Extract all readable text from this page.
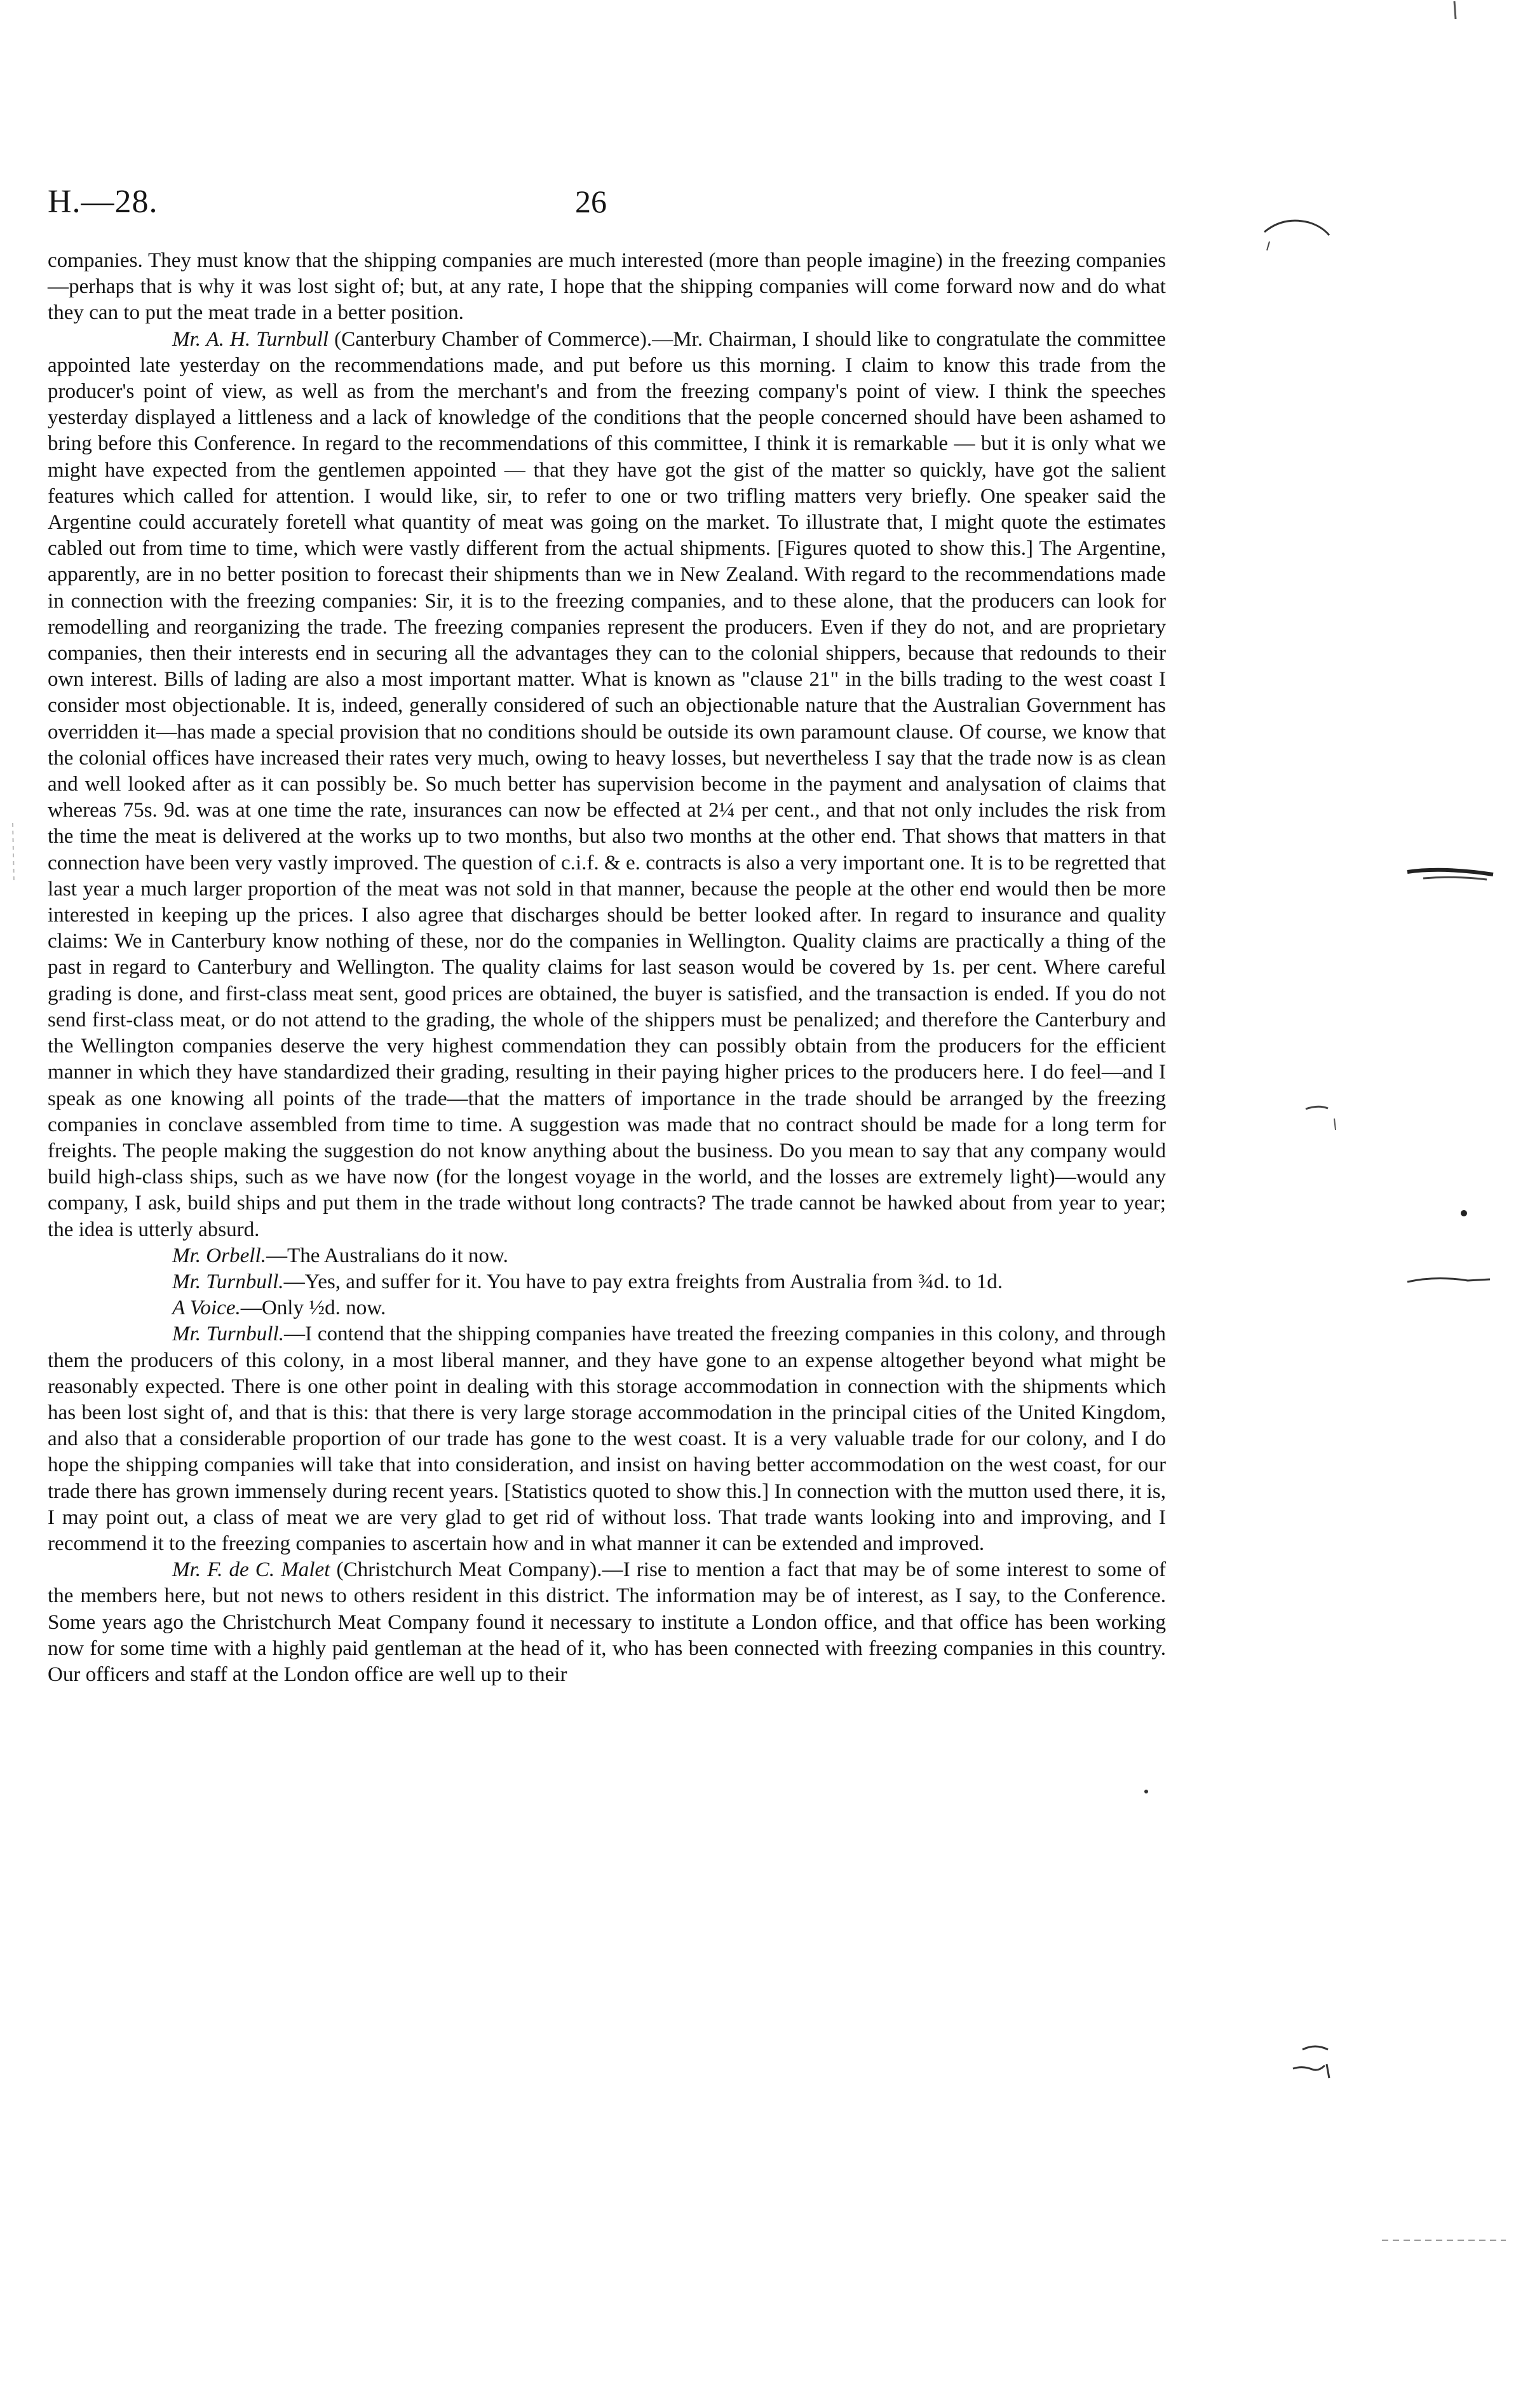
H.—28.	26

companies. They must know that the shipping companies are much interested (more than people imagine) in the freezing companies—perhaps that is why it was lost sight of; but, at any rate, I hope that the shipping companies will come forward now and do what they can to put the meat trade in a better position.

Mr. A. H. Turnbull (Canterbury Chamber of Commerce).—Mr. Chairman, I should like to congratulate the committee appointed late yesterday on the recommendations made, and put before us this morning. I claim to know this trade from the producer's point of view, as well as from the merchant's and from the freezing company's point of view. I think the speeches yesterday displayed a littleness and a lack of knowledge of the conditions that the people concerned should have been ashamed to bring before this Conference. In regard to the recommendations of this committee, I think it is remarkable — but it is only what we might have expected from the gentlemen appointed — that they have got the gist of the matter so quickly, have got the salient features which called for attention. I would like, sir, to refer to one or two trifling matters very briefly. One speaker said the Argentine could accurately foretell what quantity of meat was going on the market. To illustrate that, I might quote the estimates cabled out from time to time, which were vastly different from the actual shipments. [Figures quoted to show this.] The Argentine, apparently, are in no better position to forecast their shipments than we in New Zealand. With regard to the recommendations made in connection with the freezing companies: Sir, it is to the freezing companies, and to these alone, that the producers can look for remodelling and reorganizing the trade. The freezing companies represent the producers. Even if they do not, and are proprietary companies, then their interests end in securing all the advantages they can to the colonial shippers, because that redounds to their own interest. Bills of lading are also a most important matter. What is known as "clause 21" in the bills trading to the west coast I consider most objectionable. It is, indeed, generally considered of such an objectionable nature that the Australian Government has overridden it—has made a special provision that no conditions should be outside its own paramount clause. Of course, we know that the colonial offices have increased their rates very much, owing to heavy losses, but nevertheless I say that the trade now is as clean and well looked after as it can possibly be. So much better has supervision become in the payment and analysation of claims that whereas 75s. 9d. was at one time the rate, insurances can now be effected at 2¼ per cent., and that not only includes the risk from the time the meat is delivered at the works up to two months, but also two months at the other end. That shows that matters in that connection have been very vastly improved. The question of c.i.f. & e. contracts is also a very important one. It is to be regretted that last year a much larger proportion of the meat was not sold in that manner, because the people at the other end would then be more interested in keeping up the prices. I also agree that discharges should be better looked after. In regard to insurance and quality claims: We in Canterbury know nothing of these, nor do the companies in Wellington. Quality claims are practically a thing of the past in regard to Canterbury and Wellington. The quality claims for last season would be covered by 1s. per cent. Where careful grading is done, and first-class meat sent, good prices are obtained, the buyer is satisfied, and the transaction is ended. If you do not send first-class meat, or do not attend to the grading, the whole of the shippers must be penalized; and therefore the Canterbury and the Wellington companies deserve the very highest commendation they can possibly obtain from the producers for the efficient manner in which they have standardized their grading, resulting in their paying higher prices to the producers here. I do feel—and I speak as one knowing all points of the trade—that the matters of importance in the trade should be arranged by the freezing companies in conclave assembled from time to time. A suggestion was made that no contract should be made for a long term for freights. The people making the suggestion do not know anything about the business. Do you mean to say that any company would build high-class ships, such as we have now (for the longest voyage in the world, and the losses are extremely light)—would any company, I ask, build ships and put them in the trade without long contracts? The trade cannot be hawked about from year to year; the idea is utterly absurd.

Mr. Orbell.—The Australians do it now.

Mr. Turnbull.—Yes, and suffer for it. You have to pay extra freights from Australia from ¾d. to 1d.

A Voice.—Only ½d. now.

Mr. Turnbull.—I contend that the shipping companies have treated the freezing companies in this colony, and through them the producers of this colony, in a most liberal manner, and they have gone to an expense altogether beyond what might be reasonably expected. There is one other point in dealing with this storage accommodation in connection with the shipments which has been lost sight of, and that is this: that there is very large storage accommodation in the principal cities of the United Kingdom, and also that a considerable proportion of our trade has gone to the west coast. It is a very valuable trade for our colony, and I do hope the shipping companies will take that into consideration, and insist on having better accommodation on the west coast, for our trade there has grown immensely during recent years. [Statistics quoted to show this.] In connection with the mutton used there, it is, I may point out, a class of meat we are very glad to get rid of without loss. That trade wants looking into and improving, and I recommend it to the freezing companies to ascertain how and in what manner it can be extended and improved.

Mr. F. de C. Malet (Christchurch Meat Company).—I rise to mention a fact that may be of some interest to some of the members here, but not news to others resident in this district. The information may be of interest, as I say, to the Conference. Some years ago the Christchurch Meat Company found it necessary to institute a London office, and that office has been working now for some time with a highly paid gentleman at the head of it, who has been connected with freezing companies in this country. Our officers and staff at the London office are well up to their
